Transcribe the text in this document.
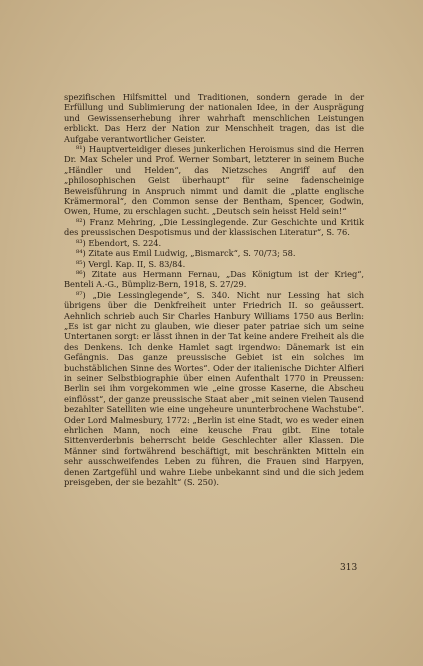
spezifischen Hilfsmittel und Traditionen, sondern gerade in der Erfüllung und Sublimierung der nationalen Idee, in der Ausprägung und Gewissenserhebung ihrer wahrhaft menschlichen Leistungen erblickt. Das Herz der Nation zur Menschheit tragen, das ist die Aufgabe verantwortlicher Geister.

⁸¹) Hauptverteidiger dieses junkerlichen Heroismus sind die Herren Dr. Max Scheler und Prof. Werner Sombart, letzterer in seinem Buche „Händler und Helden“, das Nietzsches Angriff auf den „philosophischen Geist überhaupt“ für seine fadenscheinige Beweisführung in Anspruch nimmt und damit die „platte englische Krämermoral“, den Common sense der Bentham, Spencer, Godwin, Owen, Hume, zu erschlagen sucht. „Deutsch sein heisst Held sein!“

⁸²) Franz Mehring, „Die Lessinglegende. Zur Geschichte und Kritik des preussischen Despotismus und der klassischen Literatur“, S. 76.

⁸³) Ebendort, S. 224.

⁸⁴) Zitate aus Emil Ludwig, „Bismarck“, S. 70/73; 58.

⁸⁵) Vergl. Kap. II, S. 83/84.

⁸⁶) Zitate aus Hermann Fernau, „Das Königtum ist der Krieg“, Benteli A.-G., Bümpliz-Bern, 1918, S. 27/29.

⁸⁷) „Die Lessinglegende“, S. 340. Nicht nur Lessing hat sich übrigens über die Denkfreiheit unter Friedrich II. so geäussert. Aehnlich schrieb auch Sir Charles Hanbury Williams 1750 aus Berlin: „Es ist gar nicht zu glauben, wie dieser pater patriae sich um seine Untertanen sorgt: er lässt ihnen in der Tat keine andere Freiheit als die des Denkens. Ich denke Hamlet sagt irgendwo: Dänemark ist ein Gefängnis. Das ganze preussische Gebiet ist ein solches im buchstäblichen Sinne des Wortes“. Oder der italienische Dichter Alfieri in seiner Selbstbiographie über einen Aufenthalt 1770 in Preussen: Berlin sei ihm vorgekommen wie „eine grosse Kaserne, die Abscheu einflösst“, der ganze preussische Staat aber „mit seinen vielen Tausend bezahlter Satelliten wie eine ungeheure ununterbrochene Wachstube“. Oder Lord Malmesbury, 1772: „Berlin ist eine Stadt, wo es weder einen ehrlichen Mann, noch eine keusche Frau gibt. Eine totale Sittenverderbnis beherrscht beide Geschlechter aller Klassen. Die Männer sind fortwährend beschäftigt, mit beschränkten Mitteln ein sehr ausschweifendes Leben zu führen, die Frauen sind Harpyen, denen Zartgefühl und wahre Liebe unbekannt sind und die sich jedem preisgeben, der sie bezahlt“ (S. 250).

313
